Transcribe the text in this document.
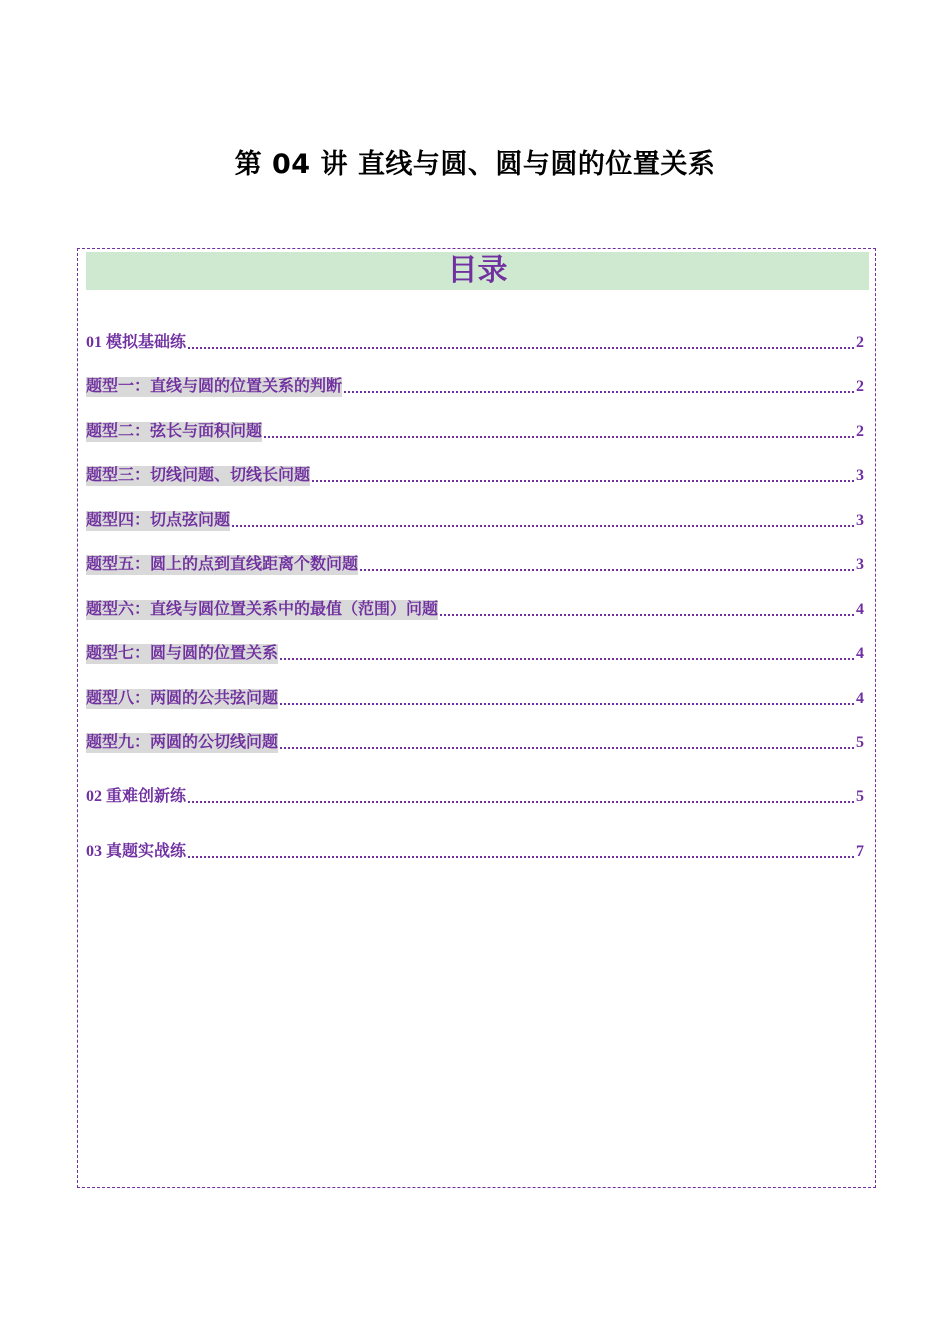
第 04 讲 直线与圆、圆与圆的位置关系
目录
01 模拟基础练	2
题型一：直线与圆的位置关系的判断	2
题型二：弦长与面积问题	2
题型三：切线问题、切线长问题	3
题型四：切点弦问题	3
题型五：圆上的点到直线距离个数问题	3
题型六：直线与圆位置关系中的最值（范围）问题	4
题型七：圆与圆的位置关系	4
题型八：两圆的公共弦问题	4
题型九：两圆的公切线问题	5
02 重难创新练	5
03 真题实战练	7
